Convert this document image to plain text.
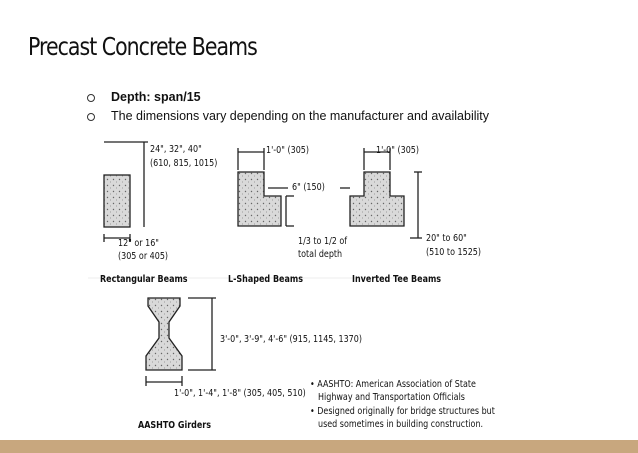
Precast Concrete Beams
Depth: span/15
The dimensions vary depending on the manufacturer and availability
24", 32", 40"
(610, 815, 1015)
12" or 16"
(305 or 405)
Rectangular Beams
1'-0" (305)
6" (150)
1/3 to 1/2 of
total depth
L-Shaped Beams
1'-0" (305)
20" to 60"
(510 to 1525)
Inverted Tee Beams
3'-0", 3'-9", 4'-6" (915, 1145, 1370)
1'-0", 1'-4", 1'-8" (305, 405, 510)
AASHTO Girders
• AASHTO: American Association of State
Highway and Transportation Officials
• Designed originally for bridge structures but
used sometimes in building construction.
